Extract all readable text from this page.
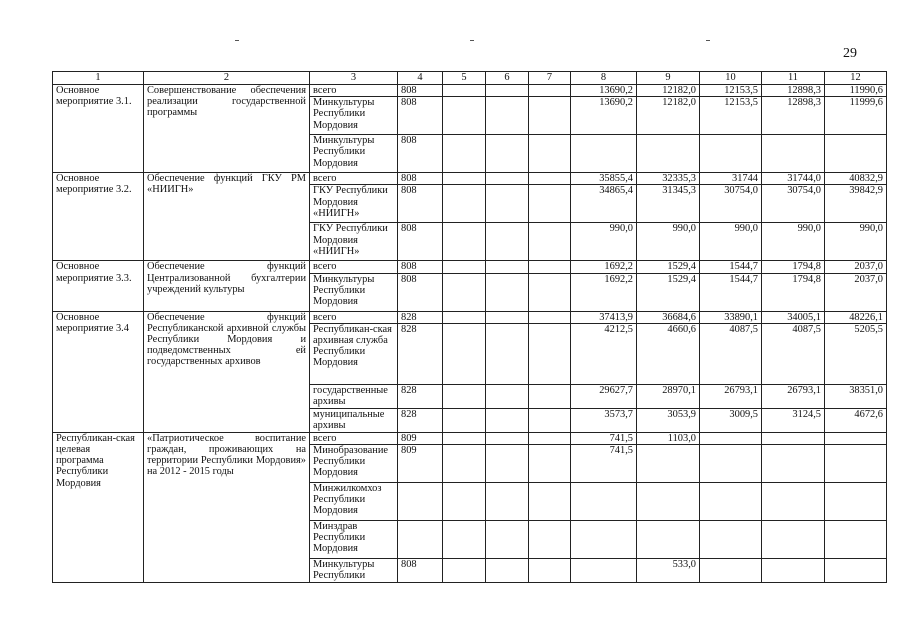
29
1	2	3	4	5	6	7	8	9	10	11	12
Основное мероприятие 3.1.	Совершенствование обеспечения реализации государственной программы	всего	808				13690,2	12182,0	12153,5	12898,3	11990,6
		Минкультуры Республики Мордовия	808				13690,2	12182,0	12153,5	12898,3	11999,6
		Минкультуры Республики Мордовия	808								
Основное мероприятие 3.2.	Обеспечение функций ГКУ РМ «НИИГН»	всего	808				35855,4	32335,3	31744	31744,0	40832,9
		ГКУ Республики Мордовия «НИИГН»	808				34865,4	31345,3	30754,0	30754,0	39842,9
		ГКУ Республики Мордовия «НИИГН»	808				990,0	990,0	990,0	990,0	990,0
Основное мероприятие 3.3.	Обеспечение функций Централизованной бухгалтерии учреждений культуры	всего	808				1692,2	1529,4	1544,7	1794,8	2037,0
		Минкультуры Республики Мордовия	808				1692,2	1529,4	1544,7	1794,8	2037,0
Основное мероприятие 3.4	Обеспечение функций Республиканской архивной службы Республики Мордовия и подведомственных ей государственных архивов	всего	828				37413,9	36684,6	33890,1	34005,1	48226,1
		Республикан-ская архивная служба Республики Мордовия	828				4212,5	4660,6	4087,5	4087,5	5205,5
		государственные архивы	828				29627,7	28970,1	26793,1	26793,1	38351,0
		муниципальные архивы	828				3573,7	3053,9	3009,5	3124,5	4672,6
Республикан-ская целевая программа Республики Мордовия	«Патриотическое воспитание граждан, проживающих на территории Республики Мордовия» на 2012 - 2015 годы	всего	809				741,5	1103,0			
		Минобразование Республики Мордовия	809				741,5				
		Минжилкомхоз Республики Мордовия									
		Минздрав Республики Мордовия									
		Минкультуры Республики	808					533,0			
